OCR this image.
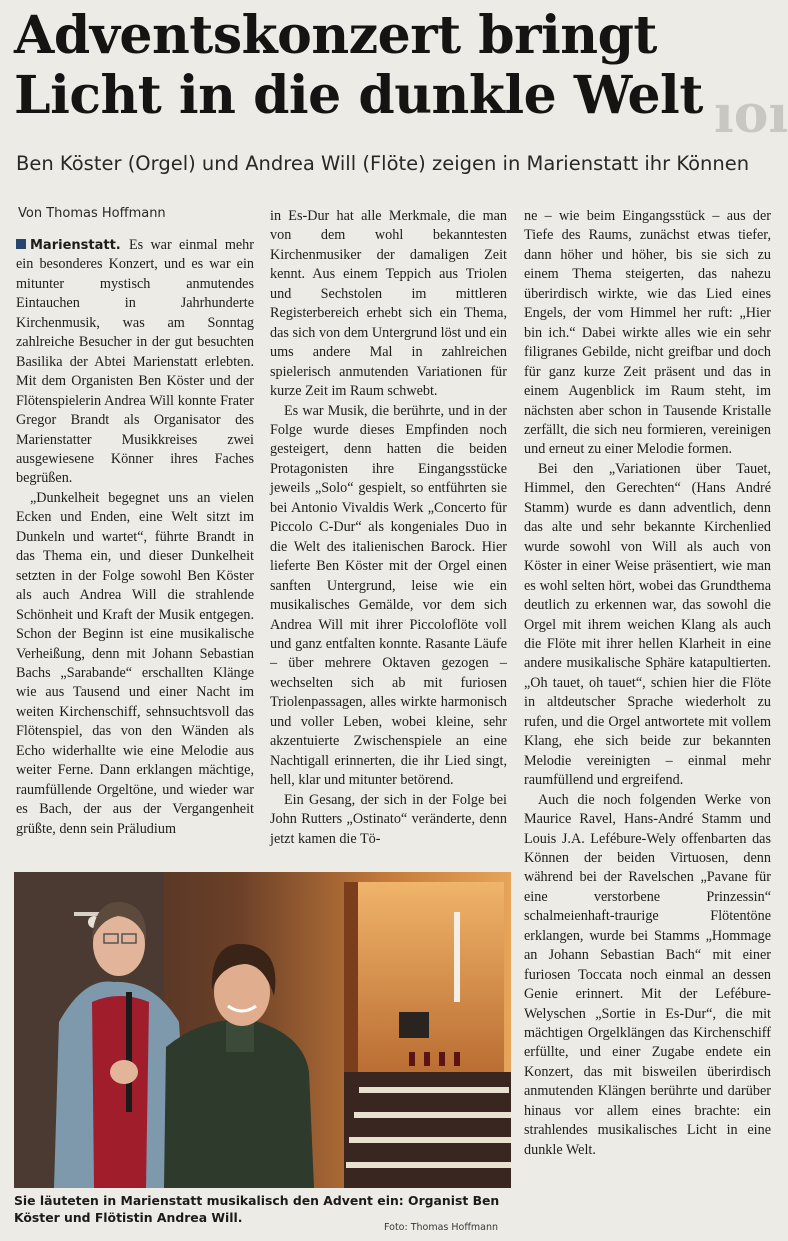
Adventskonzert bringt
Licht in die dunkle Welt ıoı
Ben Köster (Orgel) und Andrea Will (Flöte) zeigen in Marienstatt ihr Können
Von Thomas Hoffmann

Marienstatt. Es war einmal mehr ein besonderes Konzert, und es war ein mitunter mystisch anmutendes Eintauchen in Jahrhunderte Kirchenmusik, was am Sonntag zahlreiche Besucher in der gut besuchten Basilika der Abtei Marienstatt erlebten. Mit dem Organisten Ben Köster und der Flötenspielerin Andrea Will konnte Frater Gregor Brandt als Organisator des Marienstatter Musikkreises zwei ausgewiesene Könner ihres Faches begrüßen.

„Dunkelheit begegnet uns an vielen Ecken und Enden, eine Welt sitzt im Dunkeln und wartet“, führte Brandt in das Thema ein, und dieser Dunkelheit setzten in der Folge sowohl Ben Köster als auch Andrea Will die strahlende Schönheit und Kraft der Musik entgegen. Schon der Beginn ist eine musikalische Verheißung, denn mit Johann Sebastian Bachs „Sarabande“ erschallten Klänge wie aus Tausend und einer Nacht im weiten Kirchenschiff, sehnsuchtsvoll das Flötenspiel, das von den Wänden als Echo widerhallte wie eine Melodie aus weiter Ferne. Dann erklangen mächtige, raumfüllende Orgeltöne, und wieder war es Bach, der aus der Vergangenheit grüßte, denn sein Präludium

in Es-Dur hat alle Merkmale, die man von dem wohl bekanntesten Kirchenmusiker der damaligen Zeit kennt. Aus einem Teppich aus Triolen und Sechstolen im mittleren Registerbereich erhebt sich ein Thema, das sich von dem Untergrund löst und ein ums andere Mal in zahlreichen spielerisch anmutenden Variationen für kurze Zeit im Raum schwebt.

Es war Musik, die berührte, und in der Folge wurde dieses Empfinden noch gesteigert, denn hatten die beiden Protagonisten ihre Eingangsstücke jeweils „Solo“ gespielt, so entführten sie bei Antonio Vivaldis Werk „Concerto für Piccolo C-Dur“ als kongeniales Duo in die Welt des italienischen Barock. Hier lieferte Ben Köster mit der Orgel einen sanften Untergrund, leise wie ein musikalisches Gemälde, vor dem sich Andrea Will mit ihrer Piccoloflöte voll und ganz entfalten konnte. Rasante Läufe – über mehrere Oktaven gezogen – wechselten sich ab mit furiosen Triolenpassagen, alles wirkte harmonisch und voller Leben, wobei kleine, sehr akzentuierte Zwischenspiele an eine Nachtigall erinnerten, die ihr Lied singt, hell, klar und mitunter betörend.

Ein Gesang, der sich in der Folge bei John Rutters „Ostinato“ veränderte, denn jetzt kamen die Tö-

ne – wie beim Eingangsstück – aus der Tiefe des Raums, zunächst etwas tiefer, dann höher und höher, bis sie sich zu einem Thema steigerten, das nahezu überirdisch wirkte, wie das Lied eines Engels, der vom Himmel her ruft: „Hier bin ich.“ Dabei wirkte alles wie ein sehr filigranes Gebilde, nicht greifbar und doch für ganz kurze Zeit präsent und das in einem Augenblick im Raum steht, im nächsten aber schon in Tausende Kristalle zerfällt, die sich neu formieren, vereinigen und erneut zu einer Melodie formen.

Bei den „Variationen über Tauet, Himmel, den Gerechten“ (Hans André Stamm) wurde es dann adventlich, denn das alte und sehr bekannte Kirchenlied wurde sowohl von Will als auch von Köster in einer Weise präsentiert, wie man es wohl selten hört, wobei das Grundthema deutlich zu erkennen war, das sowohl die Orgel mit ihrem weichen Klang als auch die Flöte mit ihrer hellen Klarheit in eine andere musikalische Sphäre katapultierten. „Oh tauet, oh tauet“, schien hier die Flöte in altdeutscher Sprache wiederholt zu rufen, und die Orgel antwortete mit vollem Klang, ehe sich beide zur bekannten Melodie vereinigten – einmal mehr raumfüllend und ergreifend.

Auch die noch folgenden Werke von Maurice Ravel, Hans-André Stamm und Louis J.A. Lefébure-Wely offenbarten das Können der beiden Virtuosen, denn während bei der Ravelschen „Pavane für eine verstorbene Prinzessin“ schalmeienhaft-traurige Flötentöne erklangen, wurde bei Stamms „Hommage an Johann Sebastian Bach“ mit einer furiosen Toccata noch einmal an dessen Genie erinnert. Mit der Lefébure-Welyschen „Sortie in Es-Dur“, die mit mächtigen Orgelklängen das Kirchenschiff erfüllte, und einer Zugabe endete ein Konzert, das mit bisweilen überirdisch anmutenden Klängen berührte und darüber hinaus vor allem eines brachte: ein strahlendes musikalisches Licht in eine dunkle Welt.

Sie läuteten in Marienstatt musikalisch den Advent ein: Organist Ben Köster und Flötistin Andrea Will.
Foto: Thomas Hoffmann
